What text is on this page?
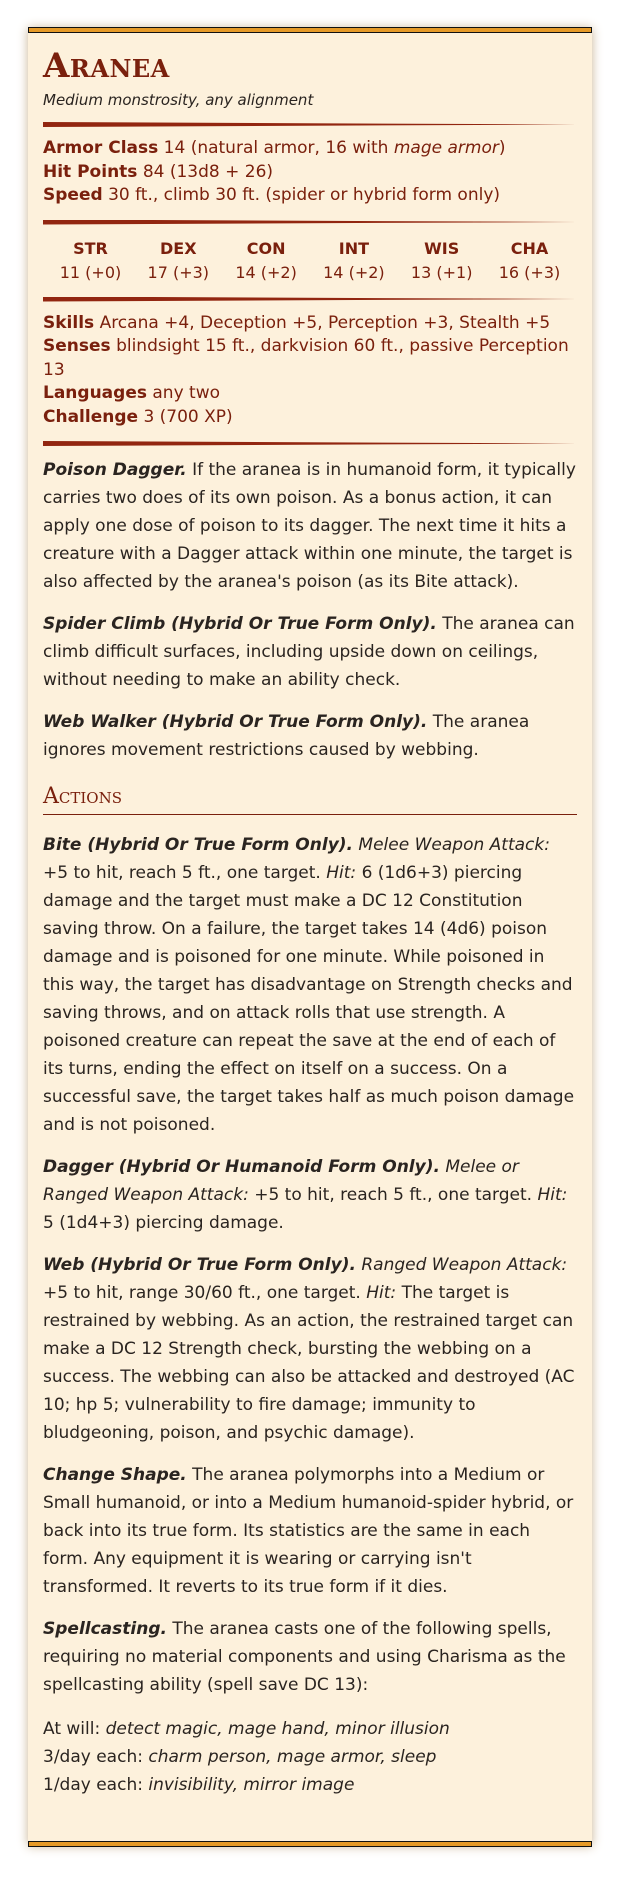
Aranea

Medium monstrosity, any alignment

Armor Class 14 (natural armor, 16 with mage armor)
Hit Points 84 (13d8 + 26)
Speed 30 ft., climb 30 ft. (spider or hybrid form only)
STR
11 (+0)
DEX
17 (+3)
CON
14 (+2)
INT
14 (+2)
WIS
13 (+1)
CHA
16 (+3)
Skills Arcana +4, Deception +5, Perception +3, Stealth +5
Senses blindsight 15 ft., darkvision 60 ft., passive Perception 13
Languages any two
Challenge 3 (700 XP)

Poison Dagger. If the aranea is in humanoid form, it typically carries two does of its own poison. As a bonus action, it can apply one dose of poison to its dagger. The next time it hits a creature with a Dagger attack within one minute, the target is also affected by the aranea's poison (as its Bite attack).

Spider Climb (Hybrid Or True Form Only). The aranea can climb difficult surfaces, including upside down on ceilings, without needing to make an ability check.

Web Walker (Hybrid Or True Form Only). The aranea ignores movement restrictions caused by webbing.

Actions

Bite (Hybrid Or True Form Only). Melee Weapon Attack: +5 to hit, reach 5 ft., one target. Hit: 6 (1d6+3) piercing damage and the target must make a DC 12 Constitution saving throw. On a failure, the target takes 14 (4d6) poison damage and is poisoned for one minute. While poisoned in this way, the target has disadvantage on Strength checks and saving throws, and on attack rolls that use strength. A poisoned creature can repeat the save at the end of each of its turns, ending the effect on itself on a success. On a successful save, the target takes half as much poison damage and is not poisoned.

Dagger (Hybrid Or Humanoid Form Only). Melee or Ranged Weapon Attack: +5 to hit, reach 5 ft., one target. Hit: 5 (1d4+3) piercing damage.

Web (Hybrid Or True Form Only). Ranged Weapon Attack: +5 to hit, range 30/60 ft., one target. Hit: The target is restrained by webbing. As an action, the restrained target can make a DC 12 Strength check, bursting the webbing on a success. The webbing can also be attacked and destroyed (AC 10; hp 5; vulnerability to fire damage; immunity to bludgeoning, poison, and psychic damage).

Change Shape. The aranea polymorphs into a Medium or Small humanoid, or into a Medium humanoid-spider hybrid, or back into its true form. Its statistics are the same in each form. Any equipment it is wearing or carrying isn't transformed. It reverts to its true form if it dies.

Spellcasting. The aranea casts one of the following spells, requiring no material components and using Charisma as the spellcasting ability (spell save DC 13):

At will: detect magic, mage hand, minor illusion
3/day each: charm person, mage armor, sleep
1/day each: invisibility, mirror image
